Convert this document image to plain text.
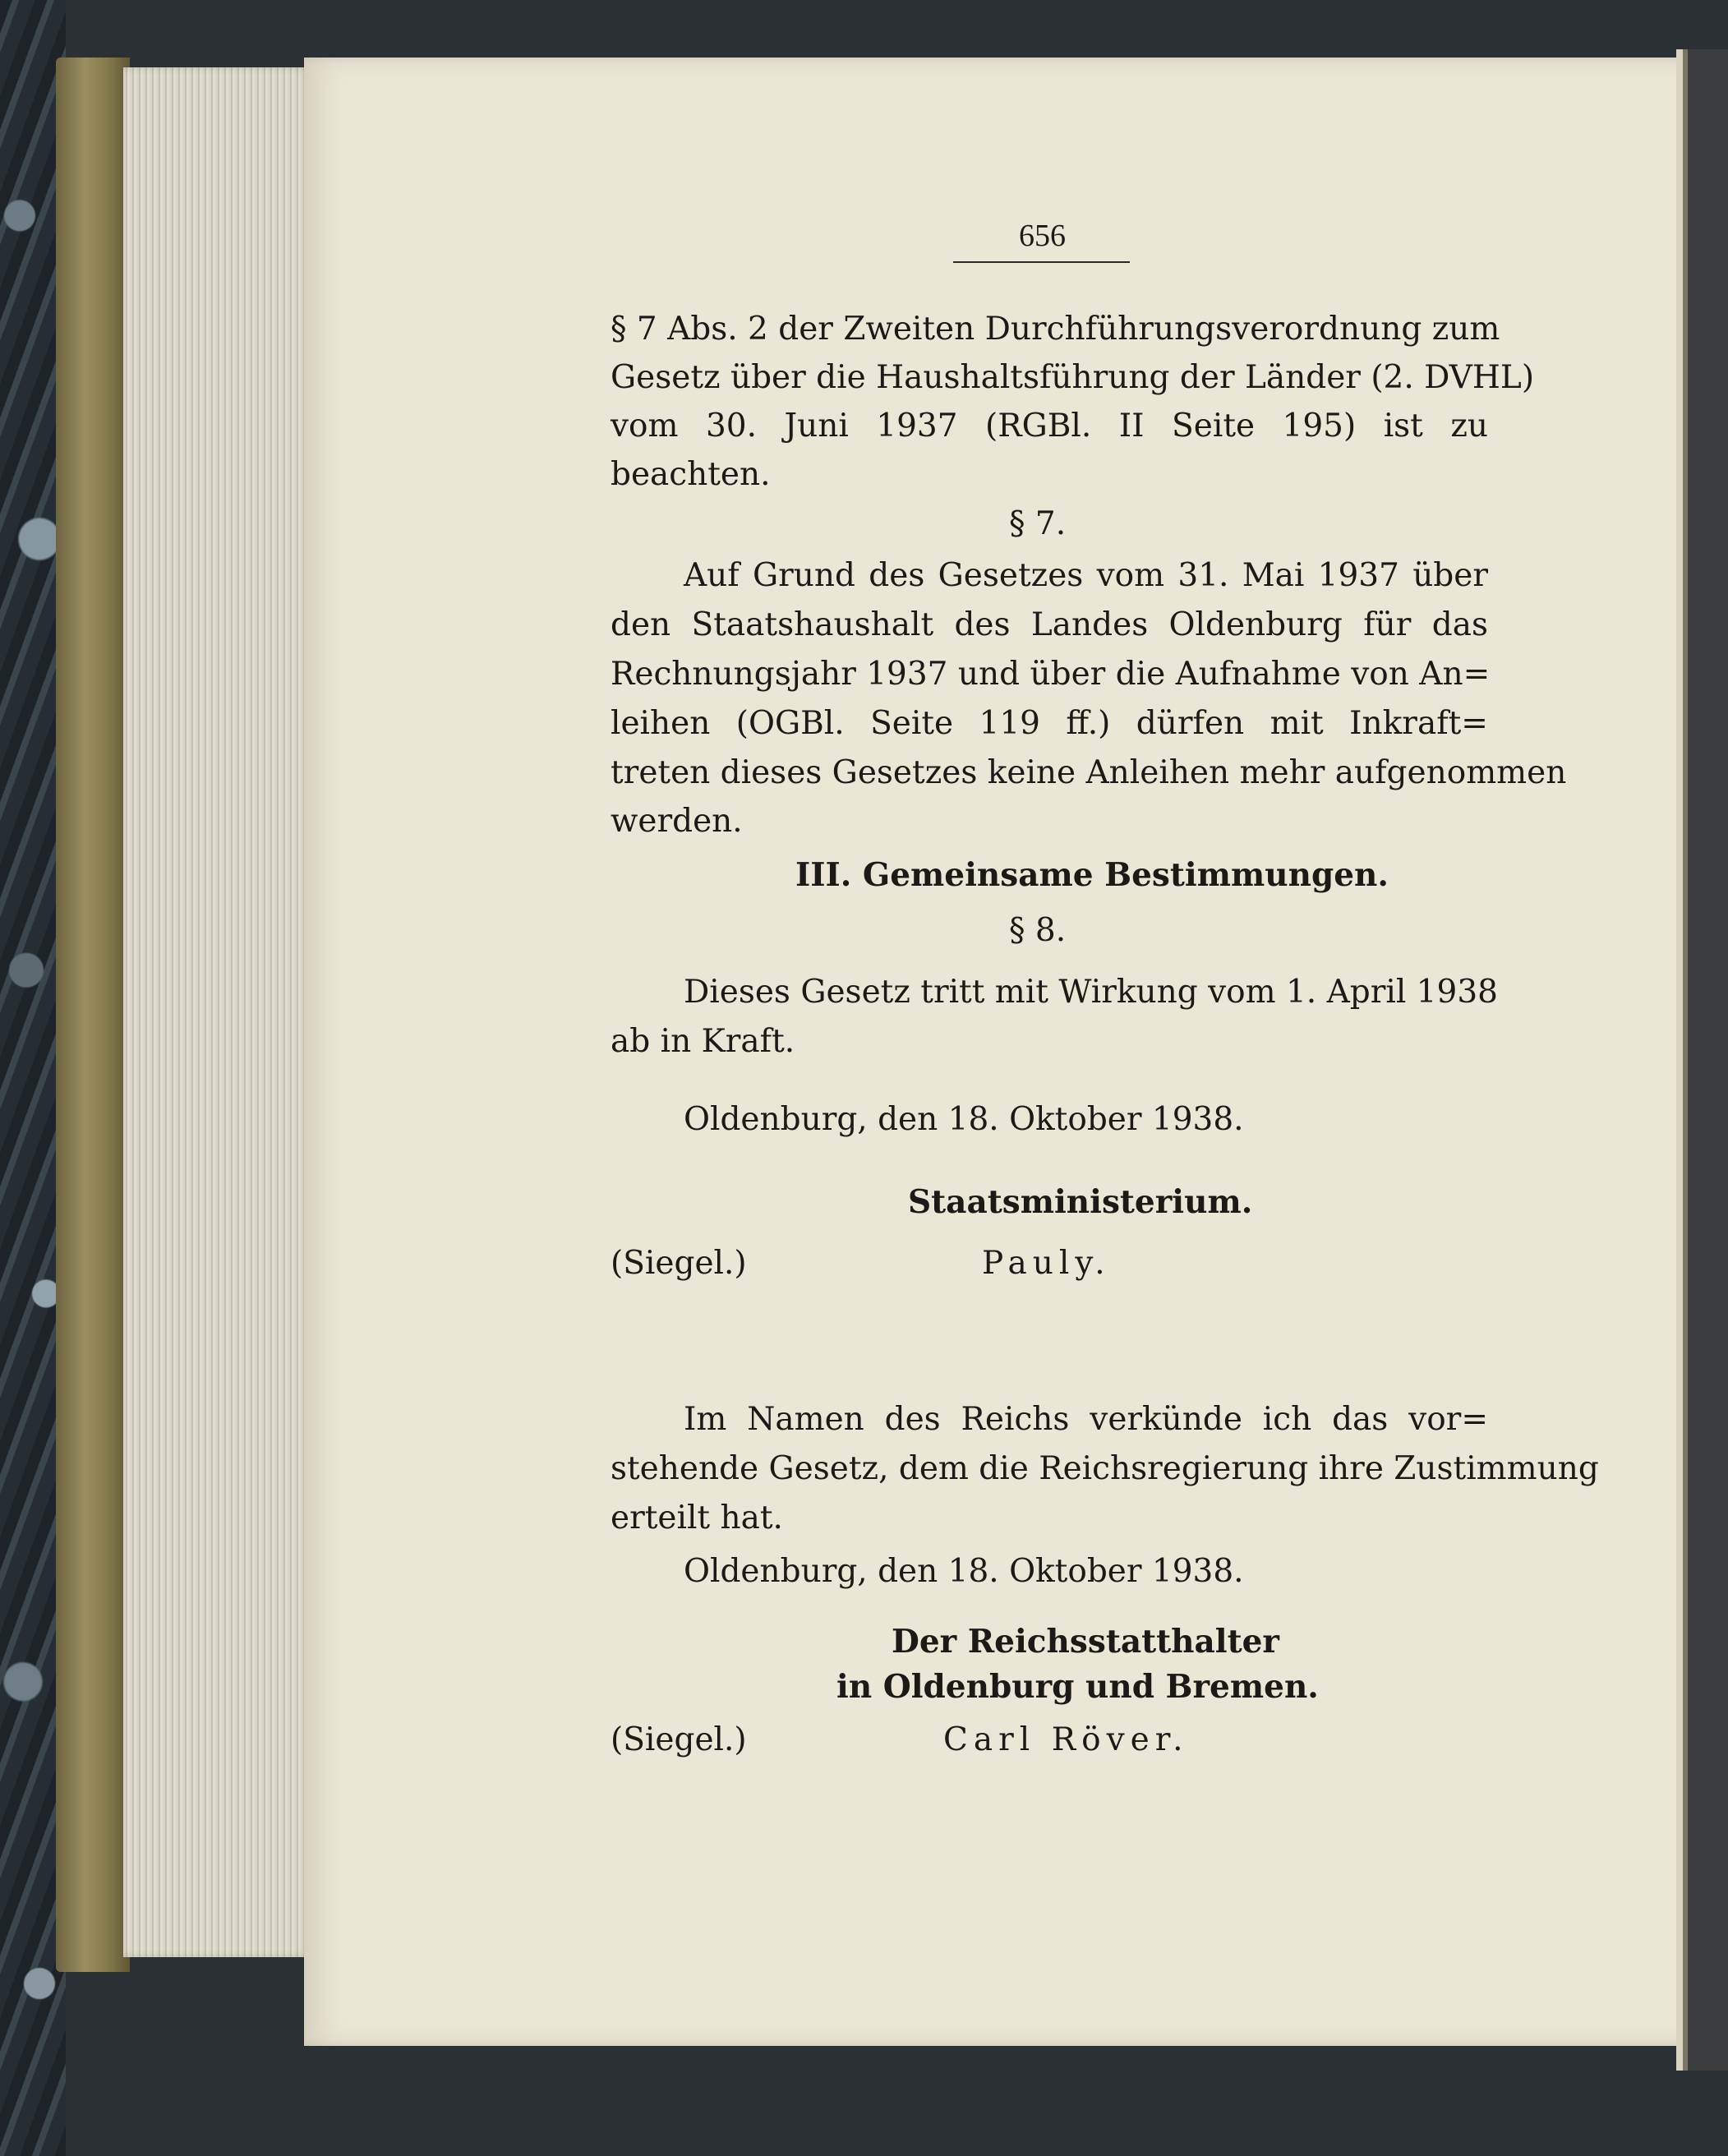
656
§ 7 Abs. 2 der Zweiten Durchführungsverordnung zum
Gesetz über die Haushaltsführung der Länder (2. DVHL)
vom 30. Juni 1937 (RGBl. II Seite 195) ist zu
beachten.
§ 7.
Auf Grund des Gesetzes vom 31. Mai 1937 über
den Staatshaushalt des Landes Oldenburg für das
Rechnungsjahr 1937 und über die Aufnahme von An=
leihen (OGBl. Seite 119 ff.) dürfen mit Inkraft=
treten dieses Gesetzes keine Anleihen mehr aufgenommen
werden.
III. Gemeinsame Bestimmungen.
§ 8.
Dieses Gesetz tritt mit Wirkung vom 1. April 1938
ab in Kraft.
Oldenburg, den 18. Oktober 1938.
Staatsministerium.
(Siegel.)	Pauly.
Im Namen des Reichs verkünde ich das vor=
stehende Gesetz, dem die Reichsregierung ihre Zustimmung
erteilt hat.
Oldenburg, den 18. Oktober 1938.
Der Reichsstatthalter
in Oldenburg und Bremen.
(Siegel.)	Carl Röver.
